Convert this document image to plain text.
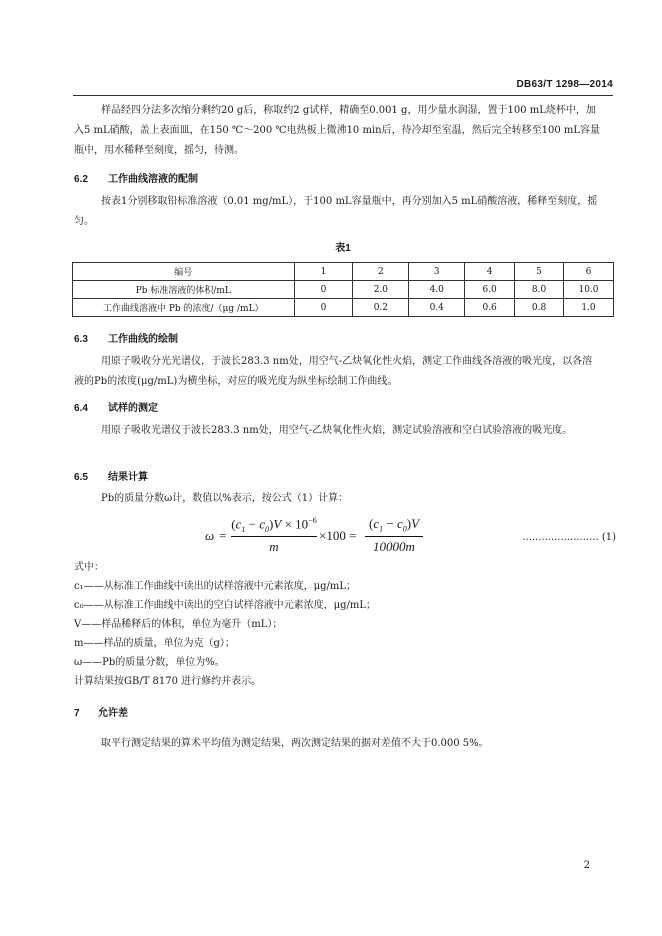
DB63/T 1298—2014
样品经四分法多次缩分剩约20 g后，称取约2 g试样，精确至0.001 g，用少量水润湿，置于100 mL烧杯中，加入5 mL硝酸，盖上表面皿，在150 ℃～200 ℃电热板上微沸10 min后，待冷却至室温，然后完全转移至100 mL容量瓶中，用水稀释至刻度，摇匀，待测。
6.2 工作曲线溶液的配制
按表1分别移取铅标准溶液（0.01 mg/mL），于100 mL容量瓶中，再分别加入5 mL硝酸溶液，稀释至刻度，摇匀。
表1
编号	1	2	3	4	5	6
Pb 标准溶液的体积/mL	0	2.0	4.0	6.0	8.0	10.0
工作曲线溶液中 Pb 的浓度/（μg /mL）	0	0.2	0.4	0.6	0.8	1.0
6.3 工作曲线的绘制
用原子吸收分光光谱仪，于波长283.3 nm处，用空气-乙炔氧化性火焰，测定工作曲线各溶液的吸光度，以各溶液的Pb的浓度(μg/mL)为横坐标，对应的吸光度为纵坐标绘制工作曲线。
6.4 试样的测定
用原子吸收光谱仪于波长283.3 nm处，用空气-乙炔氧化性火焰，测定试验溶液和空白试验溶液的吸光度。
6.5 结果计算
Pb的质量分数ω计，数值以%表示，按公式（1）计算：
ω =
$(c_1 - c_0)V \times 10^{-6}$
m
×100 =
$(c_1 - c_0)V$
10000m
........................ (1)
式中：
c₁——从标准工作曲线中读出的试样溶液中元素浓度，μg/mL；
c₀——从标准工作曲线中读出的空白试样溶液中元素浓度，μg/mL；
V——样品稀释后的体积，单位为毫升（mL）；
m——样品的质量，单位为克（g）；
ω——Pb的质量分数，单位为%。
计算结果按GB/T 8170 进行修约并表示。
7 允许差
取平行测定结果的算术平均值为测定结果，两次测定结果的据对差值不大于0.000 5%。
2
